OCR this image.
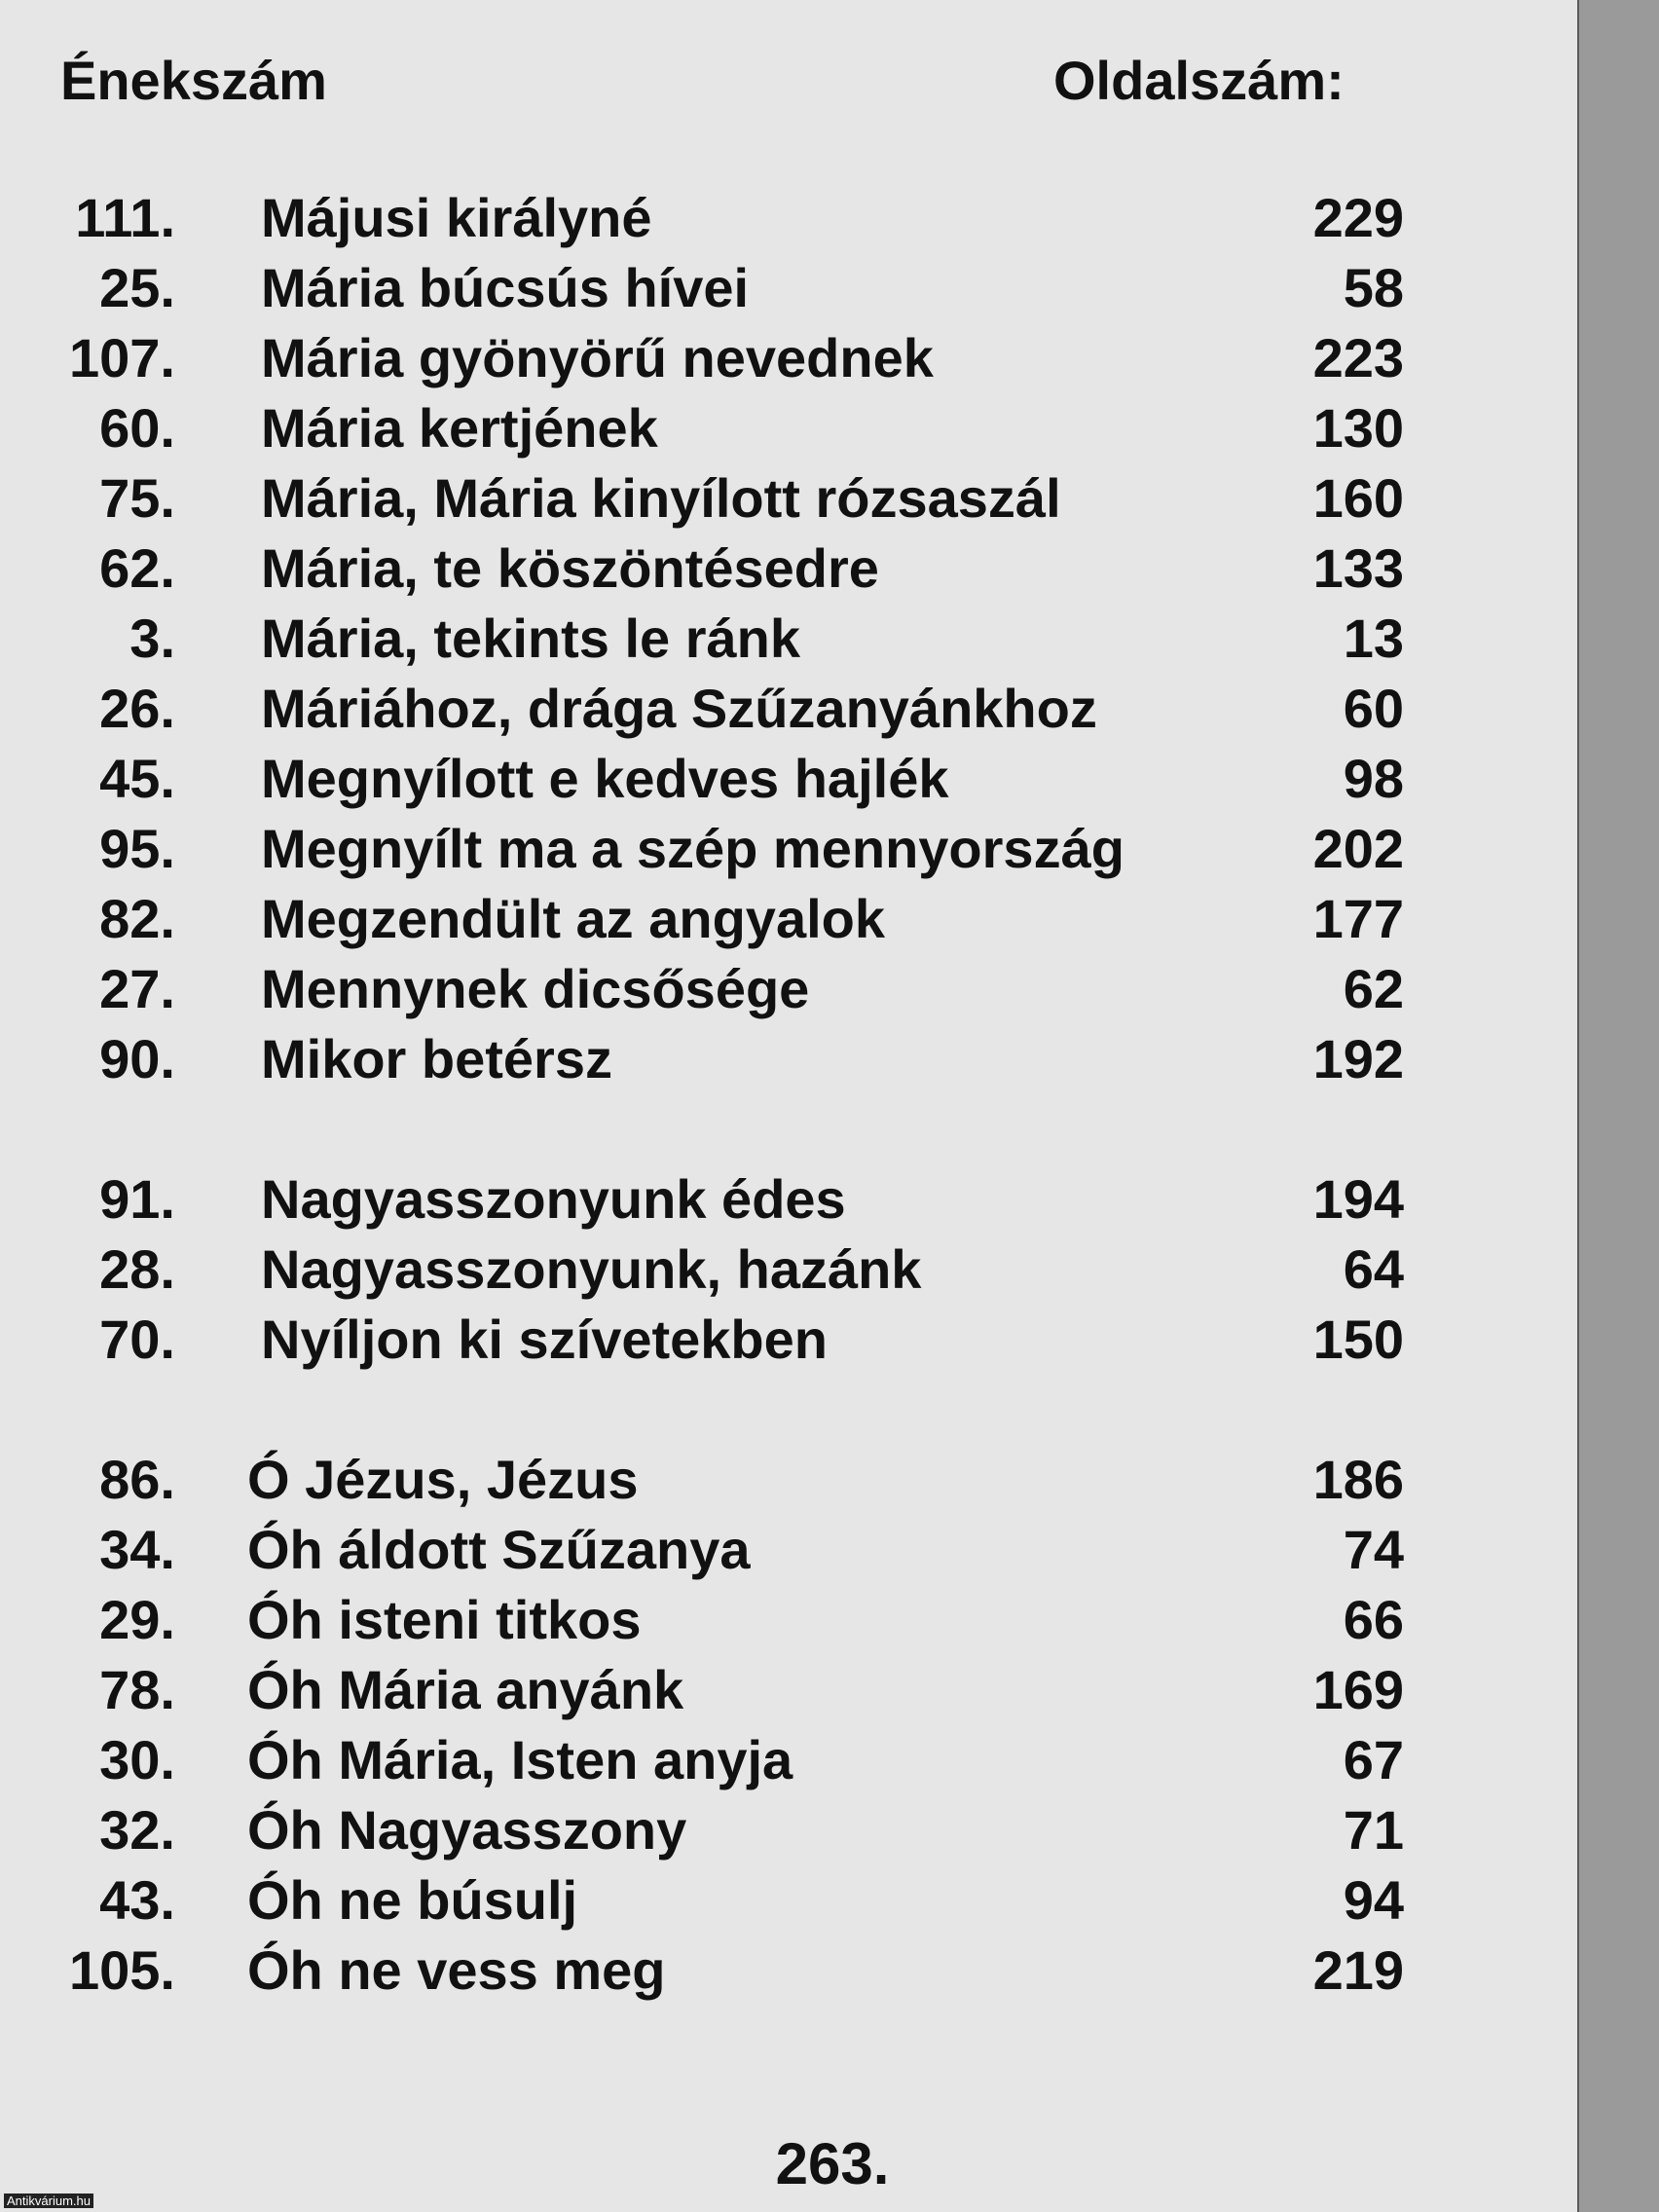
Énekszám	Oldalszám:
111. Májusi királyné	229
25. Mária búcsús hívei	58
107. Mária gyönyörű nevednek	223
60. Mária kertjének	130
75. Mária, Mária kinyílott rózsaszál	160
62. Mária, te köszöntésedre	133
3. Mária, tekints le ránk	13
26. Máriához, drága Szűzanyánkhoz	60
45. Megnyílott e kedves hajlék	98
95. Megnyílt ma a szép mennyország	202
82. Megzendült az angyalok	177
27. Mennynek dicsősége	62
90. Mikor betérsz	192
91. Nagyasszonyunk édes	194
28. Nagyasszonyunk, hazánk	64
70. Nyíljon ki szívetekben	150
86. Ó Jézus, Jézus	186
34. Óh áldott Szűzanya	74
29. Óh isteni titkos	66
78. Óh Mária anyánk	169
30. Óh Mária, Isten anyja	67
32. Óh Nagyasszony	71
43. Óh ne búsulj	94
105. Óh ne vess meg	219
263.
Antikvárium.hu
